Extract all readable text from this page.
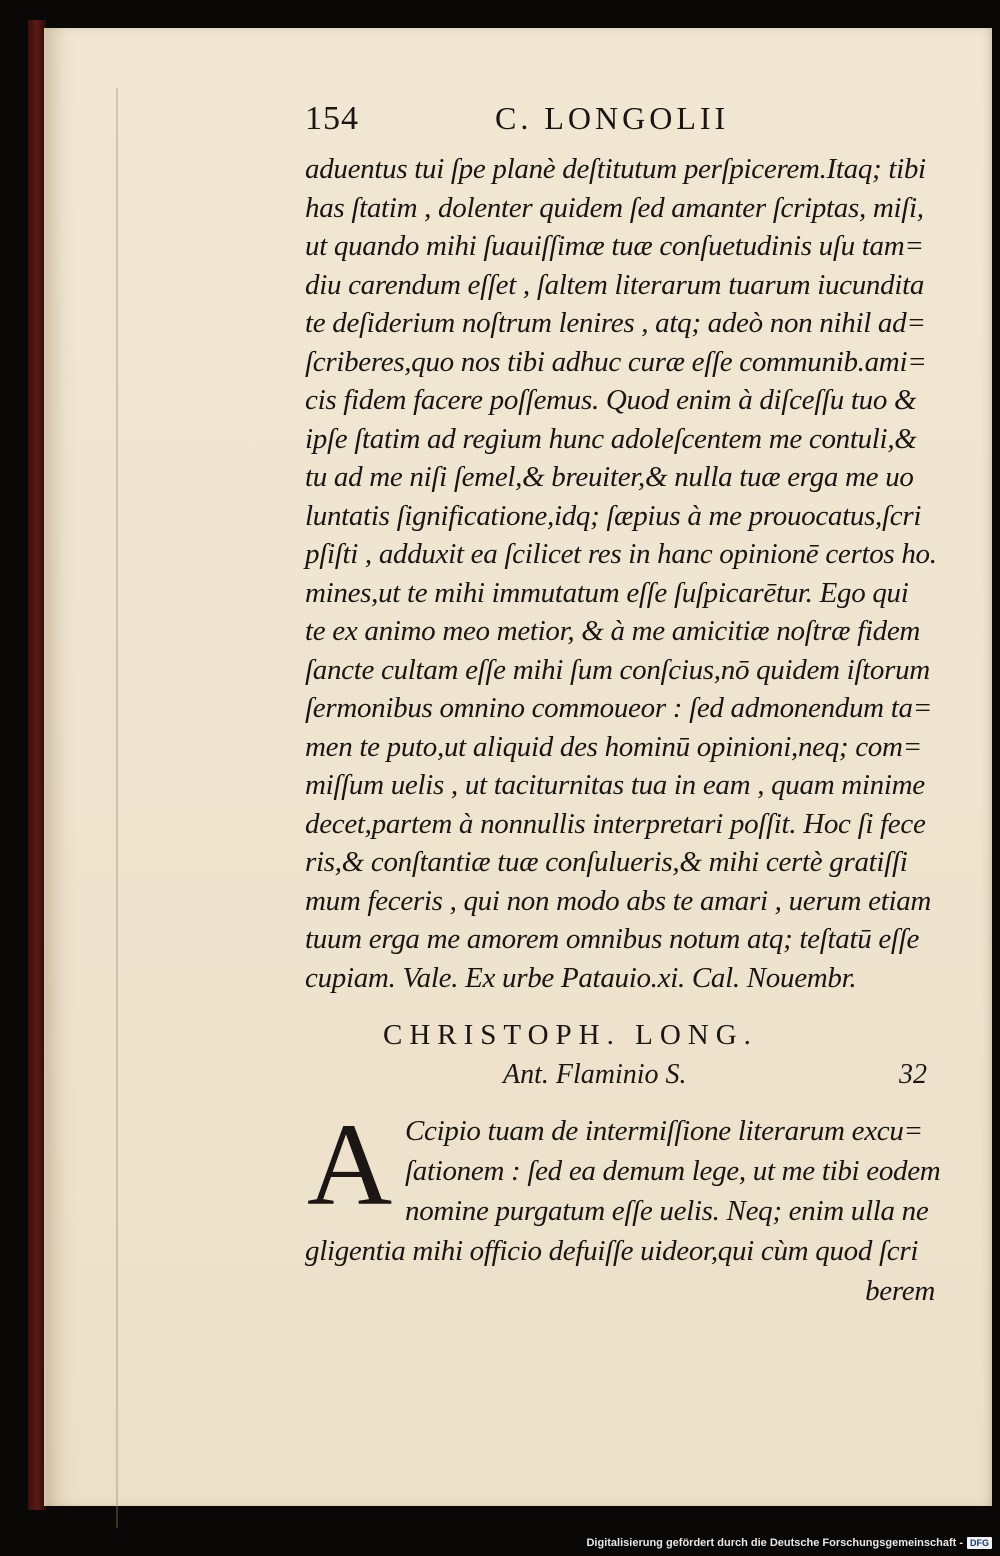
154	C. LONGOLII
aduentus tui ſpe planè deſtitutum perſpicerem.Itaq; tibi
has ſtatim , dolenter quidem ſed amanter ſcriptas, miſi,
ut quando mihi ſuauiſſimæ tuæ conſuetudinis uſu tam=
diu carendum eſſet , ſaltem literarum tuarum iucundita
te deſiderium noſtrum lenires , atq; adeò non nihil ad=
ſcriberes,quo nos tibi adhuc curæ eſſe communib.ami=
cis fidem facere poſſemus. Quod enim à diſceſſu tuo &
ipſe ſtatim ad regium hunc adoleſcentem me contuli,&
tu ad me niſi ſemel,& breuiter,& nulla tuæ erga me uo
luntatis ſignificatione,idq; ſæpius à me prouocatus,ſcri
pſiſti , adduxit ea ſcilicet res in hanc opinionē certos ho.
mines,ut te mihi immutatum eſſe ſuſpicarētur. Ego qui
te ex animo meo metior, & à me amicitiæ noſtræ fidem
ſancte cultam eſſe mihi ſum conſcius,nō quidem iſtorum
ſermonibus omnino commoueor : ſed admonendum ta=
men te puto,ut aliquid des hominū opinioni,neq; com=
miſſum uelis , ut taciturnitas tua in eam , quam minime
decet,partem à nonnullis interpretari poſſit. Hoc ſi fece
ris,& conſtantiæ tuæ conſulueris,& mihi certè gratiſſi
mum feceris , qui non modo abs te amari , uerum etiam
tuum erga me amorem omnibus notum atq; teſtatū eſſe
cupiam. Vale. Ex urbe Patauio.xi. Cal. Nouembr.
CHRISTOPH. LONG.
Ant. Flaminio S.	32
A Ccipio tuam de intermiſſione literarum excu=
ſationem : ſed ea demum lege, ut me tibi eodem
nomine purgatum eſſe uelis. Neq; enim ulla ne
gligentia mihi officio defuiſſe uideor,qui cùm quod ſcri
berem
Digitalisierung gefördert durch die Deutsche Forschungsgemeinschaft - DFG
